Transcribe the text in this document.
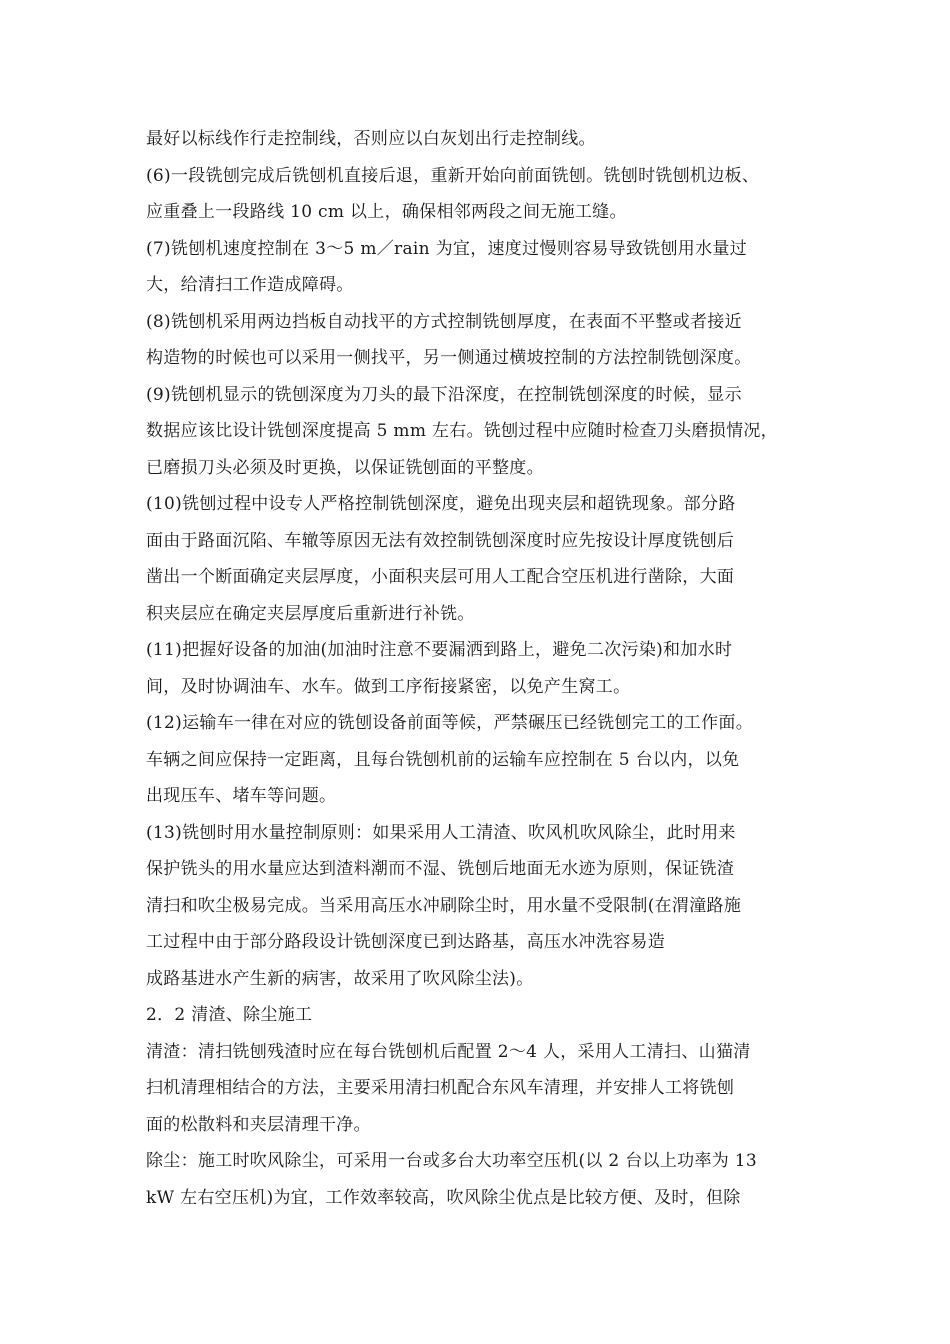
最好以标线作行走控制线，否则应以白灰划出行走控制线。
(6)一段铣刨完成后铣刨机直接后退，重新开始向前面铣刨。铣刨时铣刨机边板、
应重叠上一段路线 10 cm 以上，确保相邻两段之间无施工缝。
(7)铣刨机速度控制在 3～5 m／rain 为宜，速度过慢则容易导致铣刨用水量过
大，给清扫工作造成障碍。
(8)铣刨机采用两边挡板自动找平的方式控制铣刨厚度，在表面不平整或者接近
构造物的时候也可以采用一侧找平，另一侧通过横坡控制的方法控制铣刨深度。
(9)铣刨机显示的铣刨深度为刀头的最下沿深度，在控制铣刨深度的时候，显示
数据应该比设计铣刨深度提高 5 mm 左右。铣刨过程中应随时检查刀头磨损情况，
已磨损刀头必须及时更换，以保证铣刨面的平整度。
(10)铣刨过程中设专人严格控制铣刨深度，避免出现夹层和超铣现象。部分路
面由于路面沉陷、车辙等原因无法有效控制铣刨深度时应先按设计厚度铣刨后
凿出一个断面确定夹层厚度，小面积夹层可用人工配合空压机进行凿除，大面
积夹层应在确定夹层厚度后重新进行补铣。
(11)把握好设备的加油(加油时注意不要漏洒到路上，避免二次污染)和加水时
间，及时协调油车、水车。做到工序衔接紧密，以免产生窝工。
(12)运输车一律在对应的铣刨设备前面等候，严禁碾压已经铣刨完工的工作面。
车辆之间应保持一定距离，且每台铣刨机前的运输车应控制在 5 台以内，以免
出现压车、堵车等问题。
(13)铣刨时用水量控制原则：如果采用人工清渣、吹风机吹风除尘，此时用来
保护铣头的用水量应达到渣料潮而不湿、铣刨后地面无水迹为原则，保证铣渣
清扫和吹尘极易完成。当采用高压水冲刷除尘时，用水量不受限制(在渭潼路施
工过程中由于部分路段设计铣刨深度已到达路基，高压水冲洗容易造
成路基进水产生新的病害，故采用了吹风除尘法)。
2．2 清渣、除尘施工
清渣：清扫铣刨残渣时应在每台铣刨机后配置 2～4 人，采用人工清扫、山猫清
扫机清理相结合的方法，主要采用清扫机配合东风车清理，并安排人工将铣刨
面的松散料和夹层清理干净。
除尘：施工时吹风除尘，可采用一台或多台大功率空压机(以 2 台以上功率为 13
kW 左右空压机)为宜，工作效率较高，吹风除尘优点是比较方便、及时，但除
